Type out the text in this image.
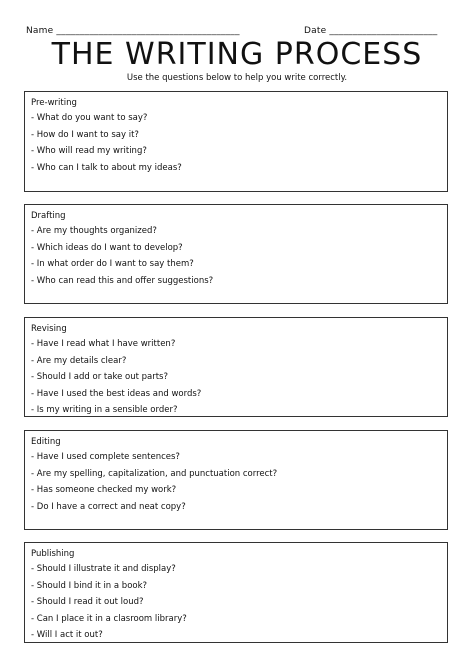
Name _______________________________________	Date _______________________
THE WRITING PROCESS
Use the questions below to help you write correctly.
Pre-writing
- What do you want to say?
- How do I want to say it?
- Who will read my writing?
- Who can I talk to about my ideas?
Drafting
- Are my thoughts organized?
- Which ideas do I want to develop?
- In what order do I want to say them?
- Who can read this and offer suggestions?
Revising
- Have I read what I have written?
- Are my details clear?
- Should I add or take out parts?
- Have I used the best ideas and words?
- Is my writing in a sensible order?
Editing
- Have I used complete sentences?
- Are my spelling, capitalization, and punctuation correct?
- Has someone checked my work?
- Do I have a correct and neat copy?
Publishing
- Should I illustrate it and display?
- Should I bind it in a book?
- Should I read it out loud?
- Can I place it in a clasroom library?
- Will I act it out?
